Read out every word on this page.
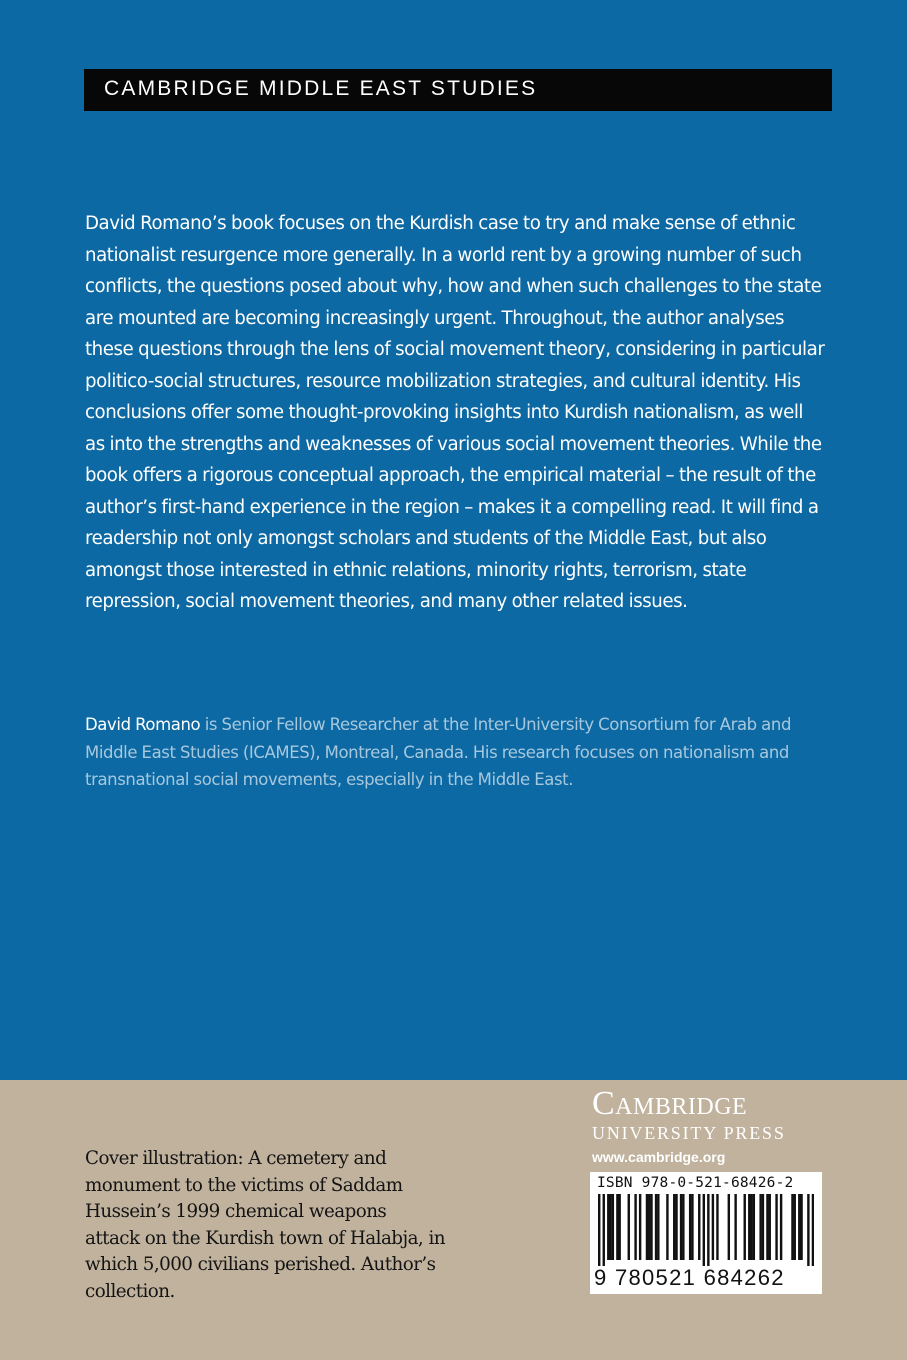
CAMBRIDGE MIDDLE EAST STUDIES

David Romano’s book focuses on the Kurdish case to try and make sense of ethnic nationalist resurgence more generally. In a world rent by a growing number of such conflicts, the questions posed about why, how and when such challenges to the state are mounted are becoming increasingly urgent. Throughout, the author analyses these questions through the lens of social movement theory, considering in particular politico-social structures, resource mobilization strategies, and cultural identity. His conclusions offer some thought-provoking insights into Kurdish nationalism, as well as into the strengths and weaknesses of various social movement theories. While the book offers a rigorous conceptual approach, the empirical material – the result of the author’s first-hand experience in the region – makes it a compelling read. It will find a readership not only amongst scholars and students of the Middle East, but also amongst those interested in ethnic relations, minority rights, terrorism, state repression, social movement theories, and many other related issues.

David Romano is Senior Fellow Researcher at the Inter-University Consortium for Arab and Middle East Studies (ICAMES), Montreal, Canada. His research focuses on nationalism and transnational social movements, especially in the Middle East.

Cover illustration: A cemetery and monument to the victims of Saddam Hussein’s 1999 chemical weapons attack on the Kurdish town of Halabja, in which 5,000 civilians perished. Author’s collection.

Cambridge
UNIVERSITY PRESS
www.cambridge.org
ISBN 978-0-521-68426-2
9 780521 684262
